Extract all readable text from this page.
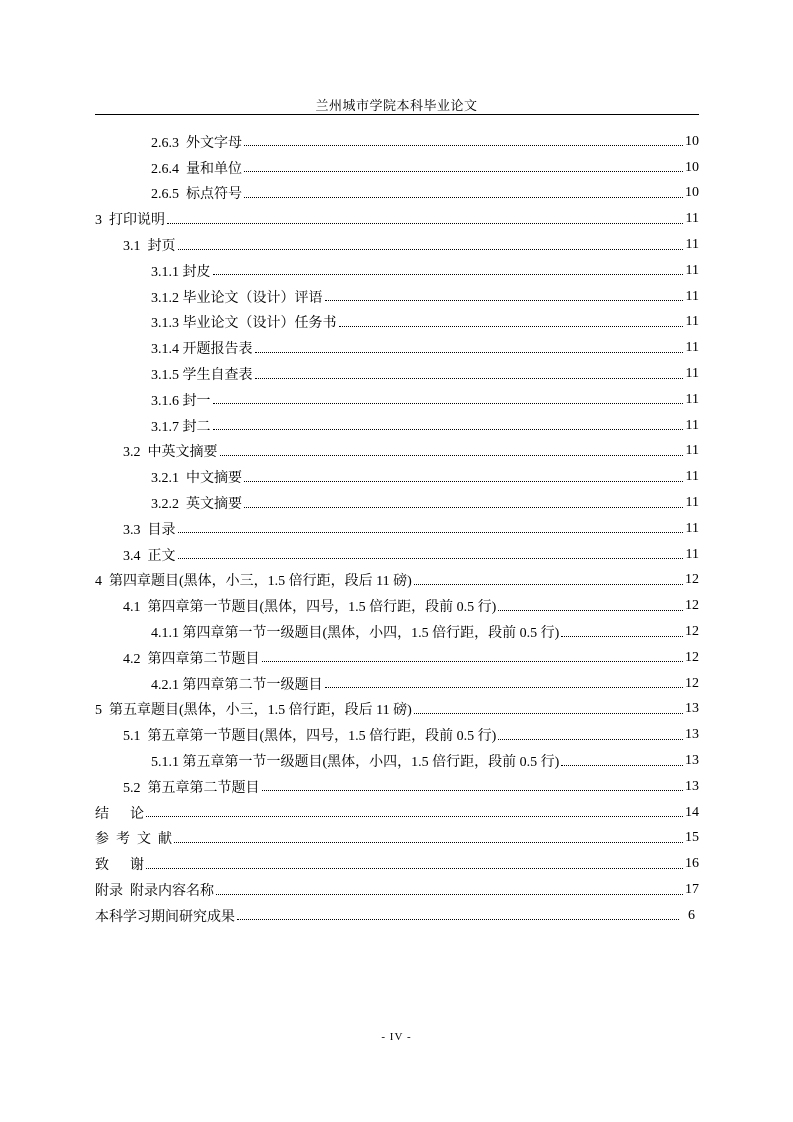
兰州城市学院本科毕业论文
2.6.3  外文字母	10
2.6.4  量和单位	10
2.6.5  标点符号	10
3  打印说明	11
3.1  封页	11
3.1.1 封皮	11
3.1.2 毕业论文（设计）评语	11
3.1.3 毕业论文（设计）任务书	11
3.1.4 开题报告表	11
3.1.5 学生自查表	11
3.1.6 封一	11
3.1.7 封二	11
3.2  中英文摘要	11
3.2.1  中文摘要	11
3.2.2  英文摘要	11
3.3  目录	11
3.4  正文	11
4  第四章题目(黑体，小三，1.5 倍行距，段后 11 磅)	12
4.1  第四章第一节题目(黑体，四号，1.5 倍行距，段前 0.5 行)	12
4.1.1 第四章第一节一级题目(黑体，小四，1.5 倍行距，段前 0.5 行)	12
4.2  第四章第二节题目	12
4.2.1 第四章第二节一级题目	12
5  第五章题目(黑体，小三，1.5 倍行距，段后 11 磅)	13
5.1  第五章第一节题目(黑体，四号，1.5 倍行距，段前 0.5 行)	13
5.1.1 第五章第一节一级题目(黑体，小四，1.5 倍行距，段前 0.5 行)	13
5.2  第五章第二节题目	13
结      论	14
参  考  文  献	15
致      谢	16
附录  附录内容名称	17
本科学习期间研究成果	6
- IV -
